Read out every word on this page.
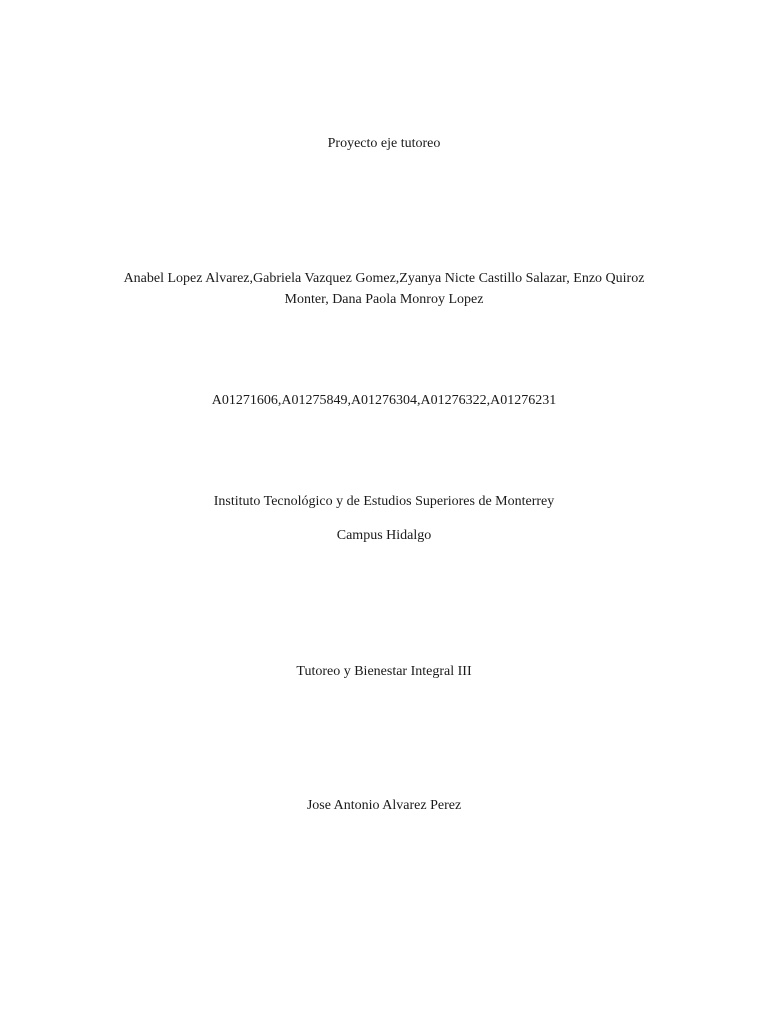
Proyecto eje tutoreo
Anabel Lopez Alvarez,Gabriela Vazquez Gomez,Zyanya Nicte Castillo Salazar, Enzo Quiroz
Monter, Dana Paola Monroy Lopez
A01271606,A01275849,A01276304,A01276322,A01276231
Instituto Tecnológico y de Estudios Superiores de Monterrey
Campus Hidalgo
Tutoreo y Bienestar Integral III
Jose Antonio Alvarez Perez
